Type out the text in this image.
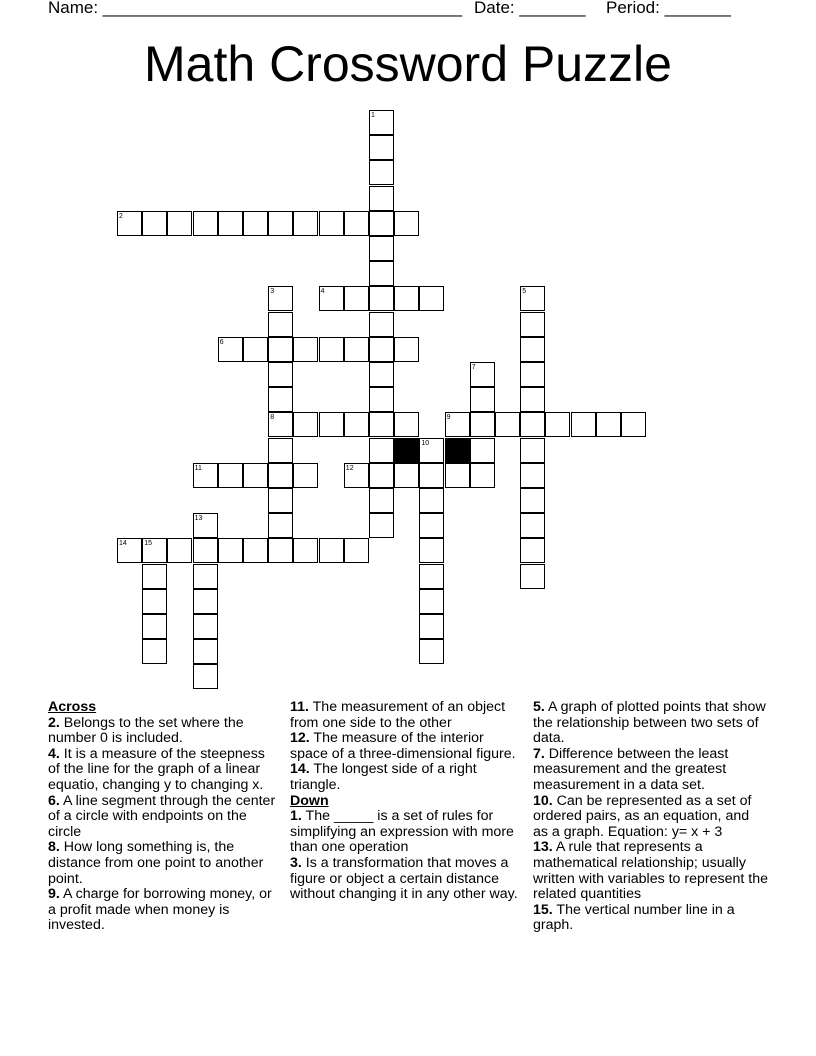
Name: ______________________________________ Date: _______ Period: _______
Math Crossword Puzzle
1
2
3
8
4	5
6
7
9
10
11	12
13
14 15
Across
2. Belongs to the set where the number 0 is included.
4. It is a measure of the steepness of the line for the graph of a linear equatio, changing y to changing x.
6. A line segment through the center of a circle with endpoints on the circle
8. How long something is, the distance from one point to another point.
9. A charge for borrowing money, or a profit made when money is invested.
11. The measurement of an object from one side to the other
12. The measure of the interior space of a three-dimensional figure.
14. The longest side of a right triangle.
Down
1. The _____ is a set of rules for simplifying an expression with more than one operation
3. Is a transformation that moves a figure or object a certain distance without changing it in any other way.
5. A graph of plotted points that show the relationship between two sets of data.
7. Difference between the least measurement and the greatest measurement in a data set.
10. Can be represented as a set of ordered pairs, as an equation, and as a graph. Equation: y= x + 3
13. A rule that represents a mathematical relationship; usually written with variables to represent the related quantities
15. The vertical number line in a graph.
